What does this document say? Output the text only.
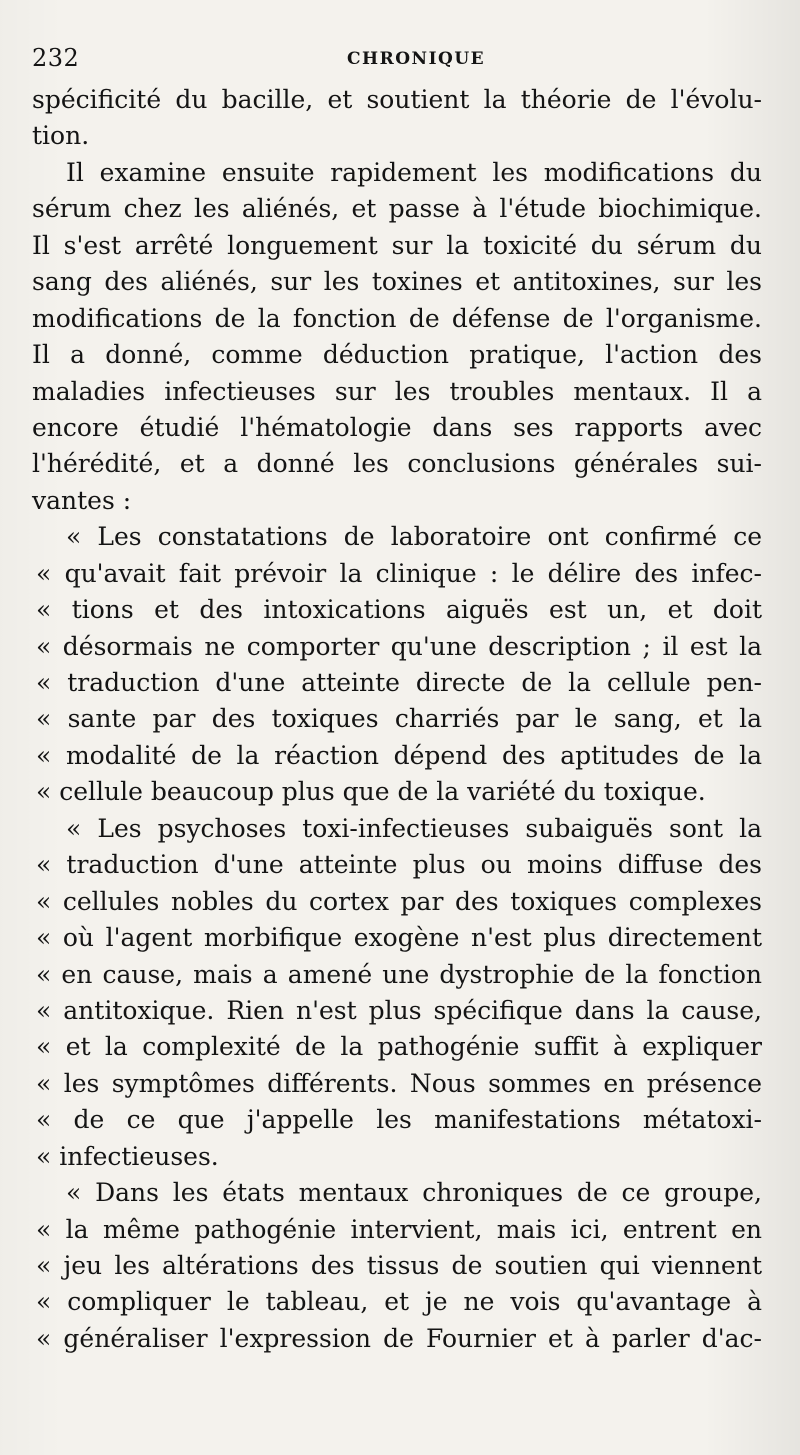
232	CHRONIQUE
spécificité du bacille, et soutient la théorie de l'évolu-
tion.
Il examine ensuite rapidement les modifications du
sérum chez les aliénés, et passe à l'étude biochimique.
Il s'est arrêté longuement sur la toxicité du sérum du
sang des aliénés, sur les toxines et antitoxines, sur les
modifications de la fonction de défense de l'organisme.
Il a donné, comme déduction pratique, l'action des
maladies infectieuses sur les troubles mentaux. Il a
encore étudié l'hématologie dans ses rapports avec
l'hérédité, et a donné les conclusions générales sui-
vantes :
« Les constatations de laboratoire ont confirmé ce
« qu'avait fait prévoir la clinique : le délire des infec-
« tions et des intoxications aiguës est un, et doit
« désormais ne comporter qu'une description ; il est la
« traduction d'une atteinte directe de la cellule pen-
« sante par des toxiques charriés par le sang, et la
« modalité de la réaction dépend des aptitudes de la
« cellule beaucoup plus que de la variété du toxique.
« Les psychoses toxi-infectieuses subaiguës sont la
« traduction d'une atteinte plus ou moins diffuse des
« cellules nobles du cortex par des toxiques complexes
« où l'agent morbifique exogène n'est plus directement
« en cause, mais a amené une dystrophie de la fonction
« antitoxique. Rien n'est plus spécifique dans la cause,
« et la complexité de la pathogénie suffit à expliquer
« les symptômes différents. Nous sommes en présence
« de ce que j'appelle les manifestations métatoxi-
« infectieuses.
« Dans les états mentaux chroniques de ce groupe,
« la même pathogénie intervient, mais ici, entrent en
« jeu les altérations des tissus de soutien qui viennent
« compliquer le tableau, et je ne vois qu'avantage à
« généraliser l'expression de Fournier et à parler d'ac-
